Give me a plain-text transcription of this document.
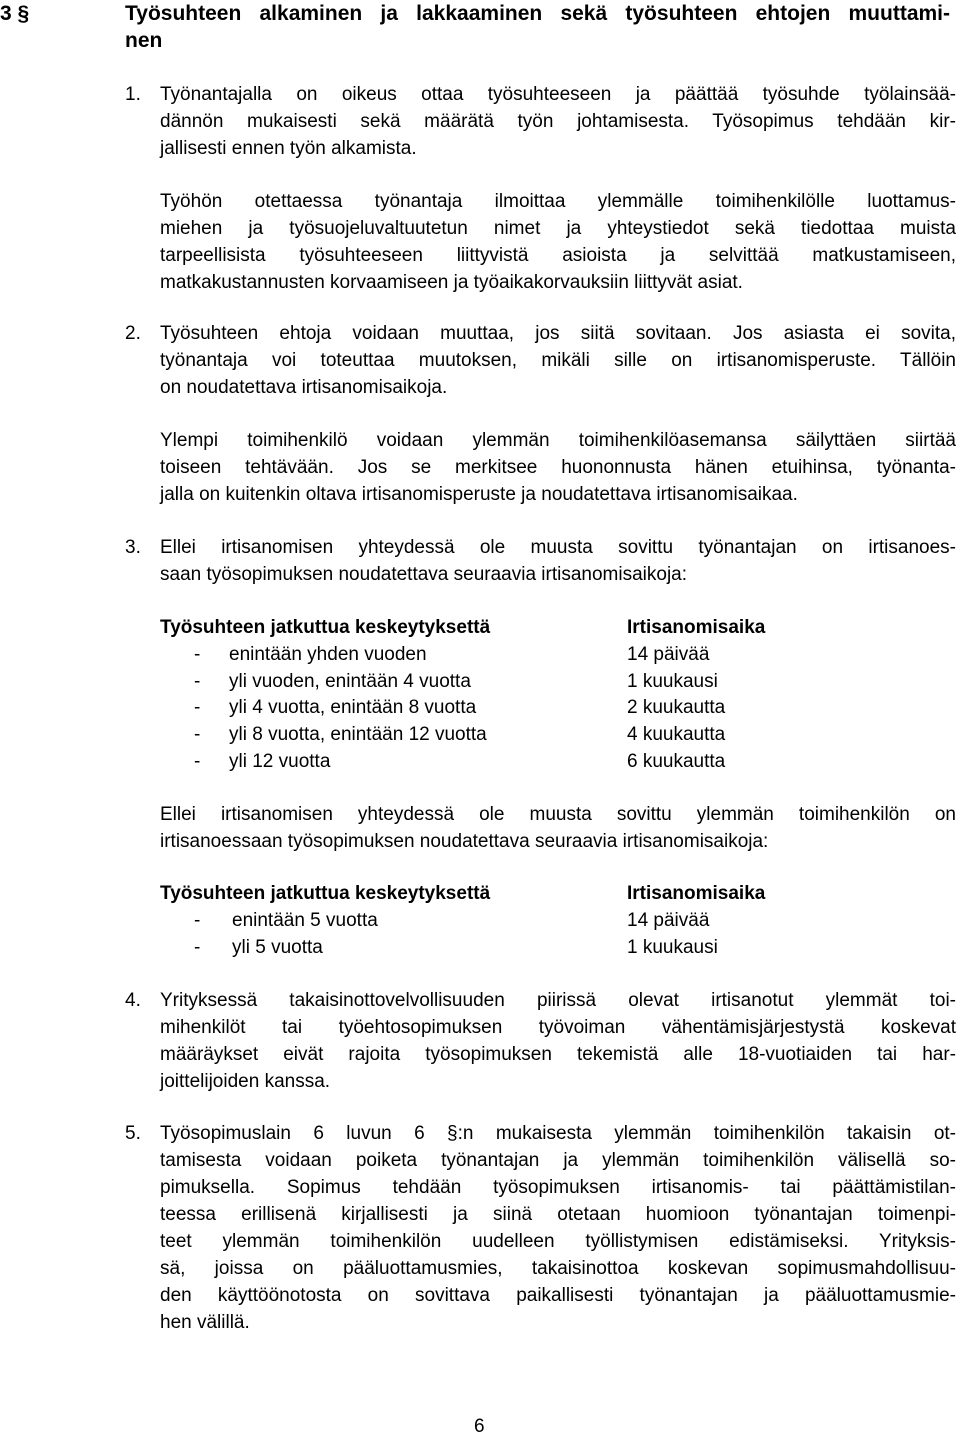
3 §	Työsuhteen alkaminen ja lakkaaminen sekä työsuhteen ehtojen muuttami-
nen
1. Työnantajalla on oikeus ottaa työsuhteeseen ja päättää työsuhde työlainsää-
dännön mukaisesti sekä määrätä työn johtamisesta. Työsopimus tehdään kir-
jallisesti ennen työn alkamista.
Työhön otettaessa työnantaja ilmoittaa ylemmälle toimihenkilölle luottamus-
miehen ja työsuojeluvaltuutetun nimet ja yhteystiedot sekä tiedottaa muista
tarpeellisista työsuhteeseen liittyvistä asioista ja selvittää matkustamiseen,
matkakustannusten korvaamiseen ja työaikakorvauksiin liittyvät asiat.
2. Työsuhteen ehtoja voidaan muuttaa, jos siitä sovitaan. Jos asiasta ei sovita,
työnantaja voi toteuttaa muutoksen, mikäli sille on irtisanomisperuste. Tällöin
on noudatettava irtisanomisaikoja.
Ylempi toimihenkilö voidaan ylemmän toimihenkilöasemansa säilyttäen siirtää
toiseen tehtävään. Jos se merkitsee huononnusta hänen etuihinsa, työnanta-
jalla on kuitenkin oltava irtisanomisperuste ja noudatettava irtisanomisaikaa.
3. Ellei irtisanomisen yhteydessä ole muusta sovittu työnantajan on irtisanoes-
saan työsopimuksen noudatettava seuraavia irtisanomisaikoja:
Työsuhteen jatkuttua keskeytyksettä	Irtisanomisaika
- enintään yhden vuoden	14 päivää
- yli vuoden, enintään 4 vuotta	1 kuukausi
- yli 4 vuotta, enintään 8 vuotta	2 kuukautta
- yli 8 vuotta, enintään 12 vuotta	4 kuukautta
- yli 12 vuotta	6 kuukautta
Ellei irtisanomisen yhteydessä ole muusta sovittu ylemmän toimihenkilön on
irtisanoessaan työsopimuksen noudatettava seuraavia irtisanomisaikoja:
Työsuhteen jatkuttua keskeytyksettä	Irtisanomisaika
- enintään 5 vuotta	14 päivää
- yli 5 vuotta	1 kuukausi
4. Yrityksessä takaisinottovelvollisuuden piirissä olevat irtisanotut ylemmät toi-
mihenkilöt tai työehtosopimuksen työvoiman vähentämisjärjestystä koskevat
määräykset eivät rajoita työsopimuksen tekemistä alle 18-vuotiaiden tai har-
joittelijoiden kanssa.
5. Työsopimuslain 6 luvun 6 §:n mukaisesta ylemmän toimihenkilön takaisin ot-
tamisesta voidaan poiketa työnantajan ja ylemmän toimihenkilön välisellä so-
pimuksella. Sopimus tehdään työsopimuksen irtisanomis- tai päättämistilan-
teessa erillisenä kirjallisesti ja siinä otetaan huomioon työnantajan toimenpi-
teet ylemmän toimihenkilön uudelleen työllistymisen edistämiseksi. Yrityksis-
sä, joissa on pääluottamusmies, takaisinottoa koskevan sopimusmahdollisuu-
den käyttöönotosta on sovittava paikallisesti työnantajan ja pääluottamusmie-
hen välillä.
6
